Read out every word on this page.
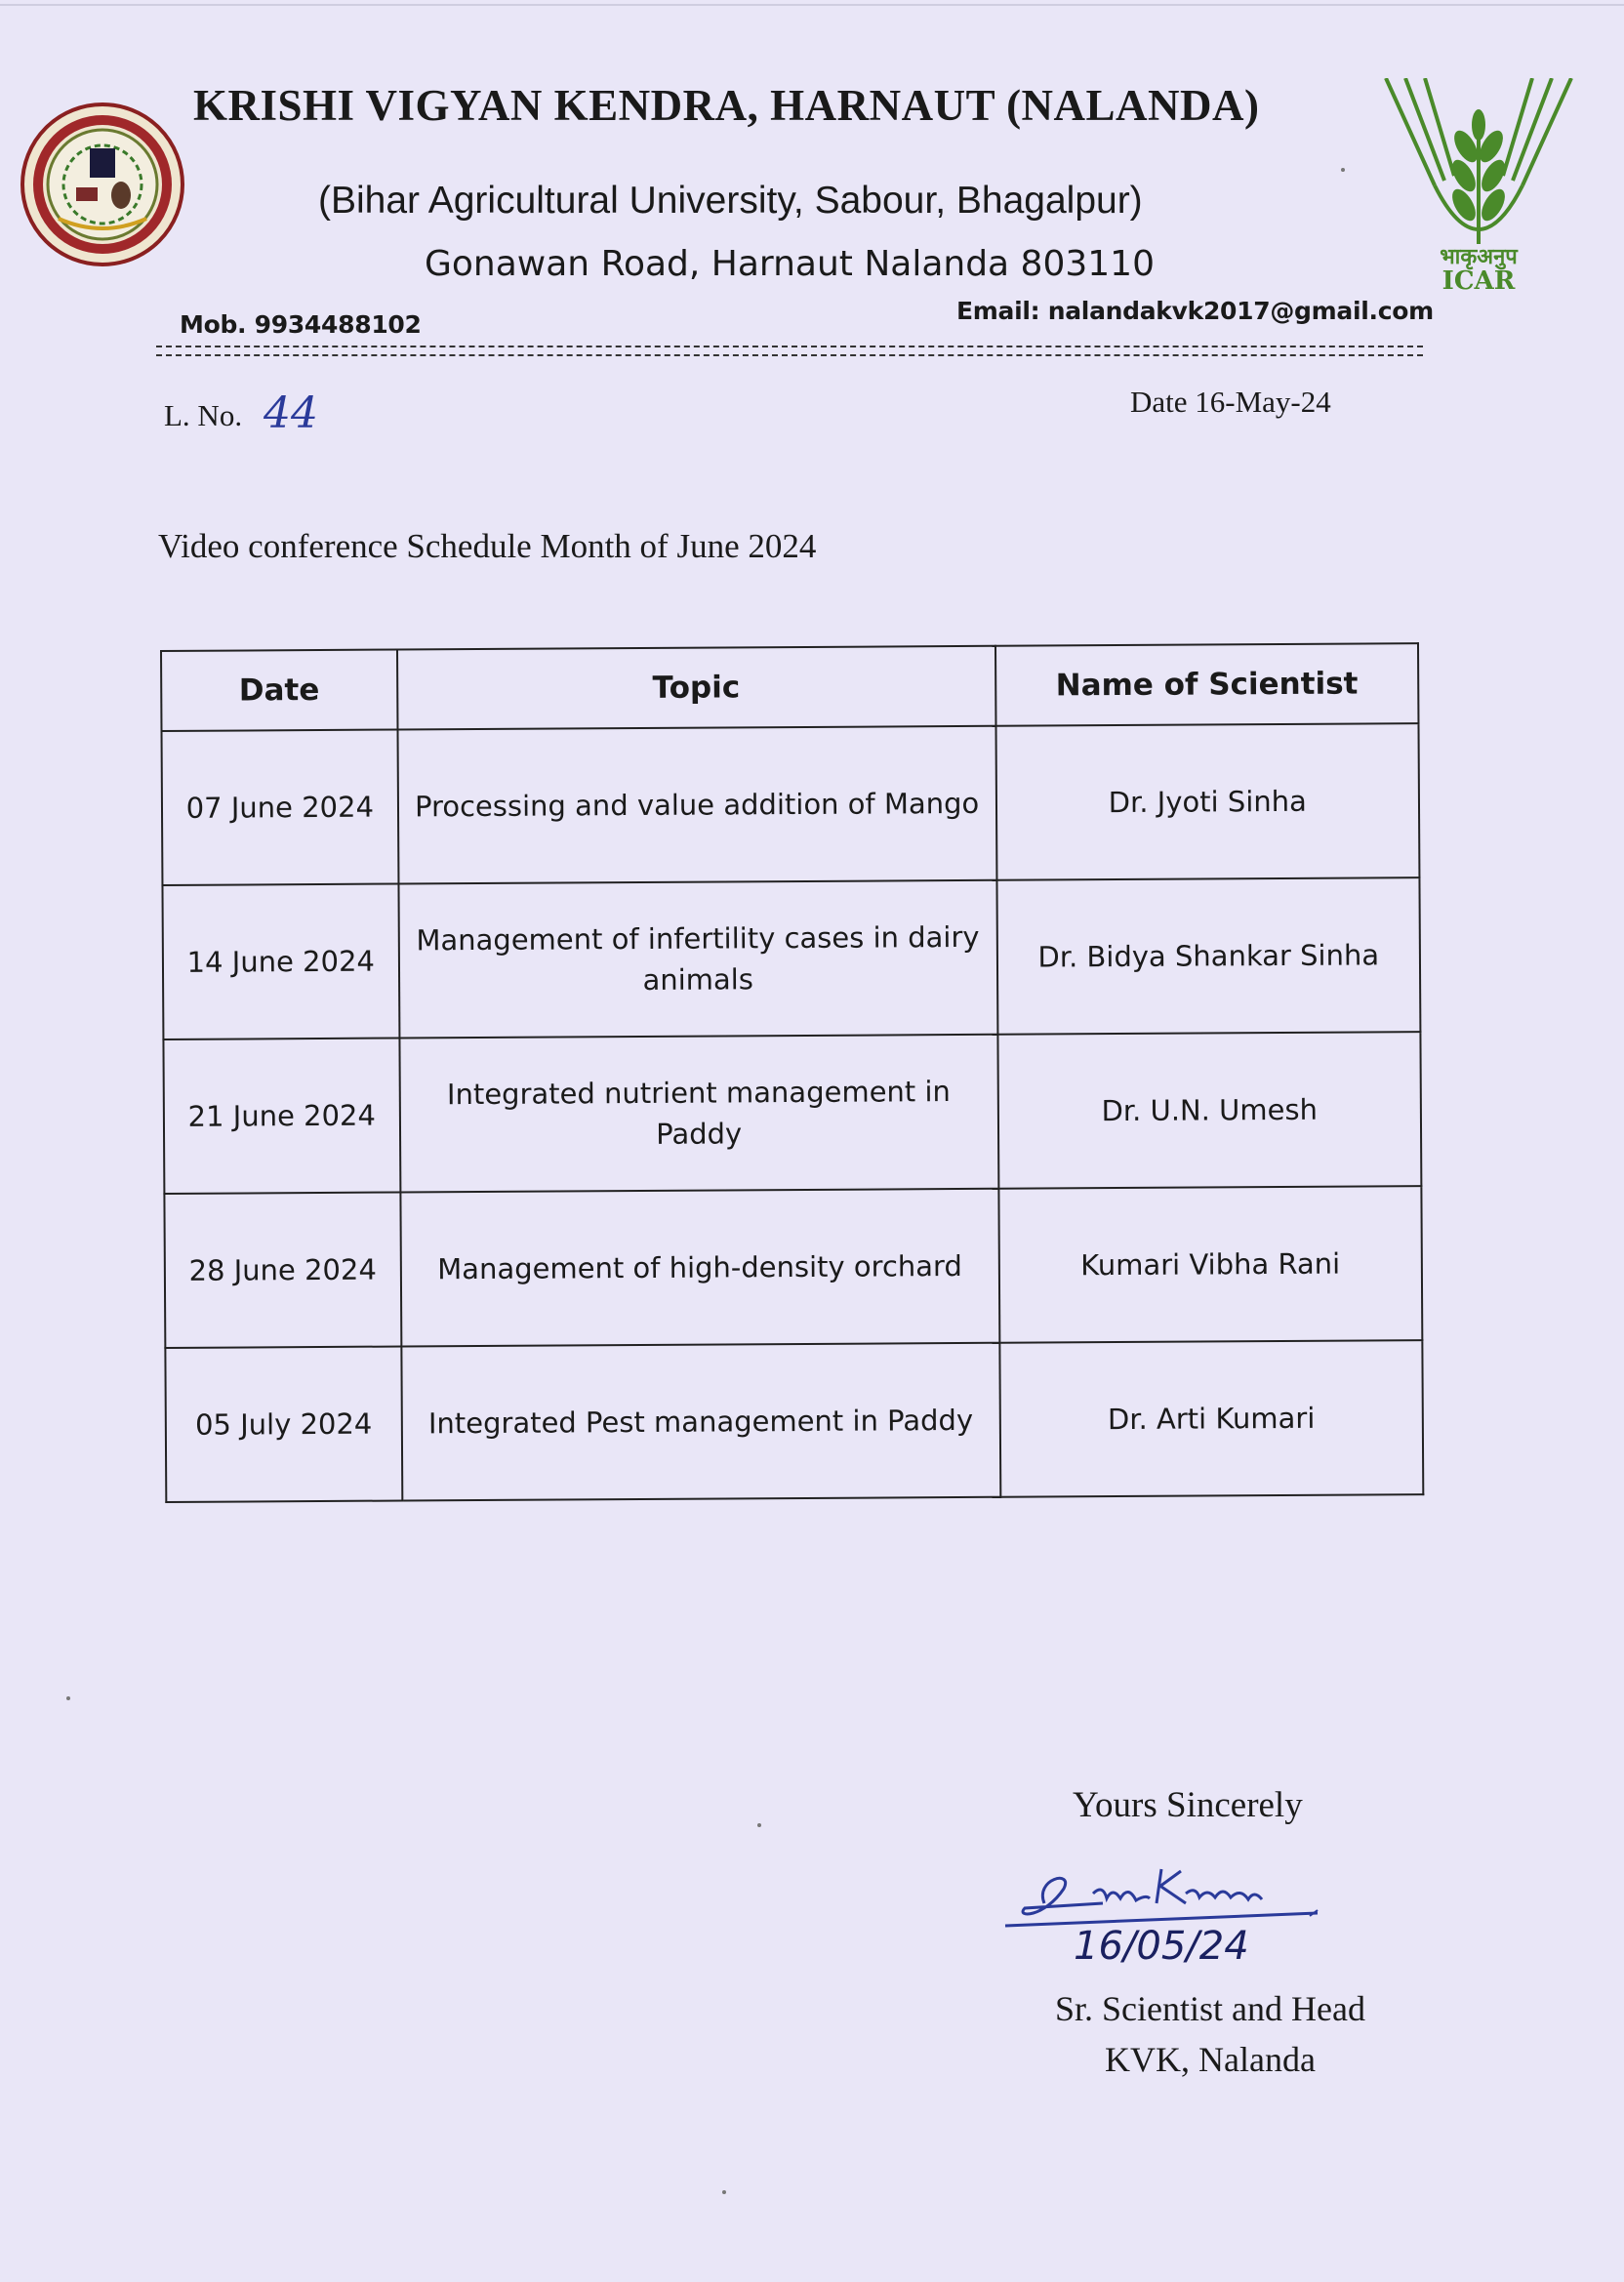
KRISHI VIGYAN KENDRA, HARNAUT (NALANDA)
(Bihar Agricultural University, Sabour, Bhagalpur)
Gonawan Road, Harnaut Nalanda 803110	भाकृअनुप
ICAR
Mob. 9934488102	Email: nalandakvk2017@gmail.com
L. No. 44	Date 16-May-24
Video conference Schedule Month of June 2024
Date	Topic	Name of Scientist
07 June 2024	Processing and value addition of Mango	Dr. Jyoti Sinha
14 June 2024	Management of infertility cases in dairy animals	Dr. Bidya Shankar Sinha
21 June 2024	Integrated nutrient management in Paddy	Dr. U.N. Umesh
28 June 2024	Management of high-density orchard	Kumari Vibha Rani
05 July 2024	Integrated Pest management in Paddy	Dr. Arti Kumari
Yours Sincerely
16/05/24
Sr. Scientist and Head
KVK, Nalanda
